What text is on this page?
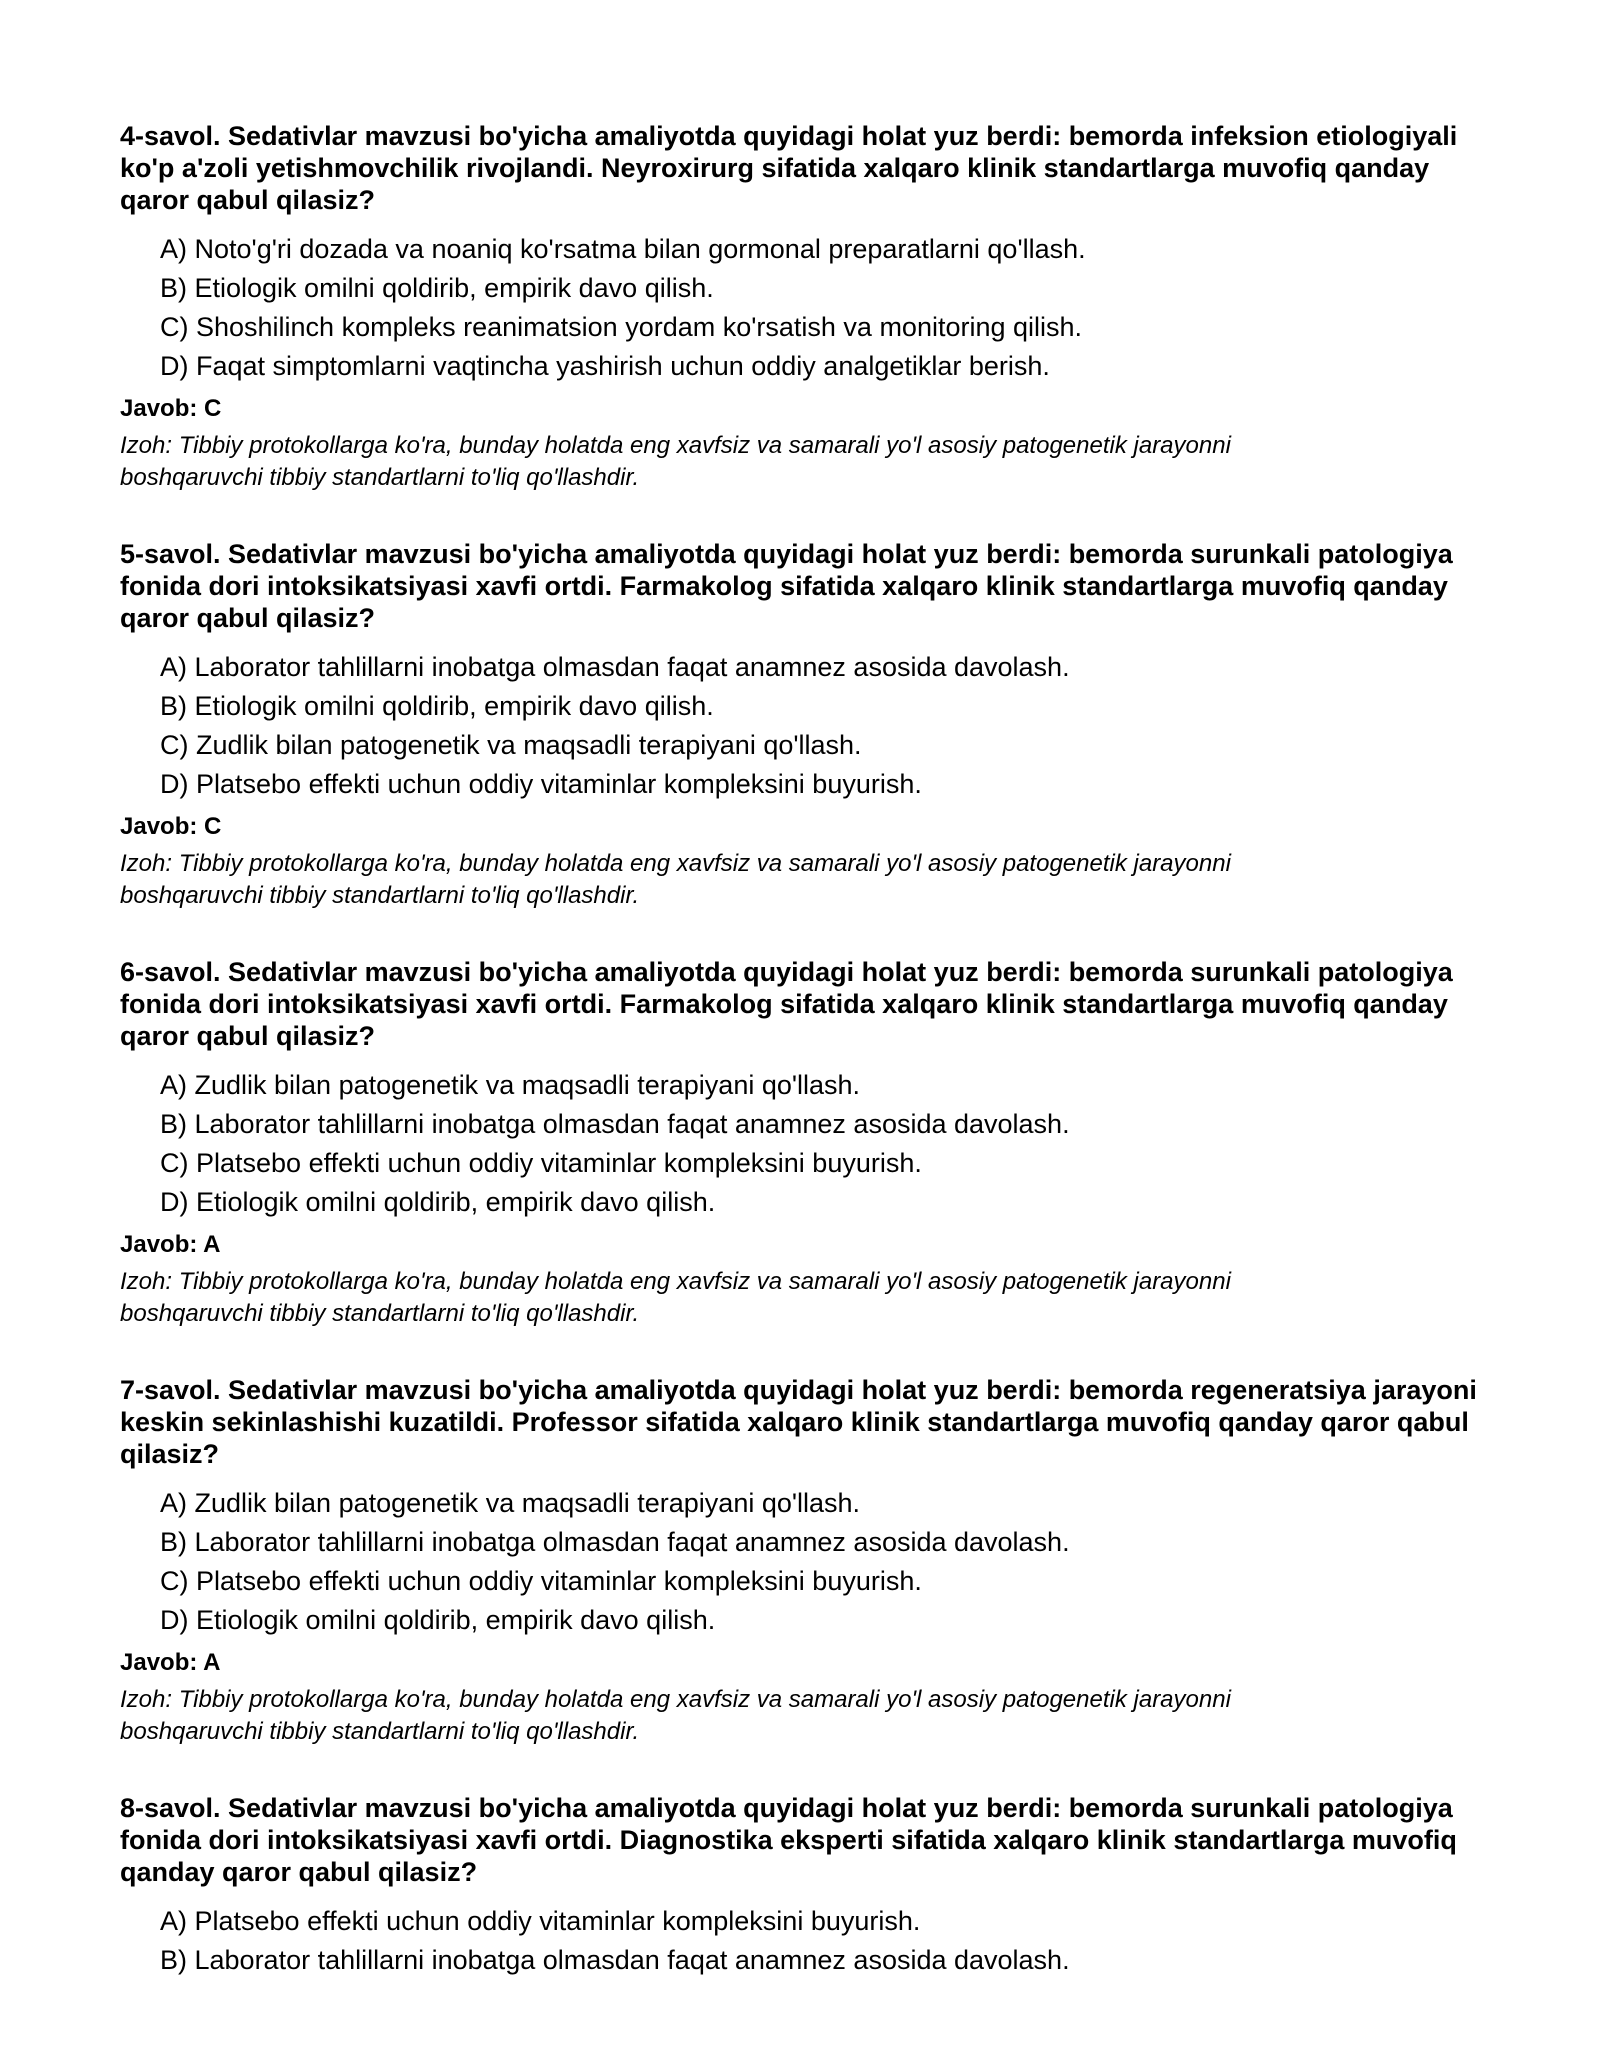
4-savol. Sedativlar mavzusi bo'yicha amaliyotda quyidagi holat yuz berdi: bemorda infeksion etiologiyali ko'p a'zoli yetishmovchilik rivojlandi. Neyroxirurg sifatida xalqaro klinik standartlarga muvofiq qanday qaror qabul qilasiz?

A) Noto'g'ri dozada va noaniq ko'rsatma bilan gormonal preparatlarni qo'llash.
B) Etiologik omilni qoldirib, empirik davo qilish.
C) Shoshilinch kompleks reanimatsion yordam ko'rsatish va monitoring qilish.
D) Faqat simptomlarni vaqtincha yashirish uchun oddiy analgetiklar berish.
Javob: C
Izoh: Tibbiy protokollarga ko'ra, bunday holatda eng xavfsiz va samarali yo'l asosiy patogenetik jarayonni boshqaruvchi tibbiy standartlarni to'liq qo'llashdir.

5-savol. Sedativlar mavzusi bo'yicha amaliyotda quyidagi holat yuz berdi: bemorda surunkali patologiya fonida dori intoksikatsiyasi xavfi ortdi. Farmakolog sifatida xalqaro klinik standartlarga muvofiq qanday qaror qabul qilasiz?

A) Laborator tahlillarni inobatga olmasdan faqat anamnez asosida davolash.
B) Etiologik omilni qoldirib, empirik davo qilish.
C) Zudlik bilan patogenetik va maqsadli terapiyani qo'llash.
D) Platsebo effekti uchun oddiy vitaminlar kompleksini buyurish.
Javob: C
Izoh: Tibbiy protokollarga ko'ra, bunday holatda eng xavfsiz va samarali yo'l asosiy patogenetik jarayonni boshqaruvchi tibbiy standartlarni to'liq qo'llashdir.

6-savol. Sedativlar mavzusi bo'yicha amaliyotda quyidagi holat yuz berdi: bemorda surunkali patologiya fonida dori intoksikatsiyasi xavfi ortdi. Farmakolog sifatida xalqaro klinik standartlarga muvofiq qanday qaror qabul qilasiz?

A) Zudlik bilan patogenetik va maqsadli terapiyani qo'llash.
B) Laborator tahlillarni inobatga olmasdan faqat anamnez asosida davolash.
C) Platsebo effekti uchun oddiy vitaminlar kompleksini buyurish.
D) Etiologik omilni qoldirib, empirik davo qilish.
Javob: A
Izoh: Tibbiy protokollarga ko'ra, bunday holatda eng xavfsiz va samarali yo'l asosiy patogenetik jarayonni boshqaruvchi tibbiy standartlarni to'liq qo'llashdir.

7-savol. Sedativlar mavzusi bo'yicha amaliyotda quyidagi holat yuz berdi: bemorda regeneratsiya jarayoni keskin sekinlashishi kuzatildi. Professor sifatida xalqaro klinik standartlarga muvofiq qanday qaror qabul qilasiz?

A) Zudlik bilan patogenetik va maqsadli terapiyani qo'llash.
B) Laborator tahlillarni inobatga olmasdan faqat anamnez asosida davolash.
C) Platsebo effekti uchun oddiy vitaminlar kompleksini buyurish.
D) Etiologik omilni qoldirib, empirik davo qilish.
Javob: A
Izoh: Tibbiy protokollarga ko'ra, bunday holatda eng xavfsiz va samarali yo'l asosiy patogenetik jarayonni boshqaruvchi tibbiy standartlarni to'liq qo'llashdir.

8-savol. Sedativlar mavzusi bo'yicha amaliyotda quyidagi holat yuz berdi: bemorda surunkali patologiya fonida dori intoksikatsiyasi xavfi ortdi. Diagnostika eksperti sifatida xalqaro klinik standartlarga muvofiq qanday qaror qabul qilasiz?

A) Platsebo effekti uchun oddiy vitaminlar kompleksini buyurish.
B) Laborator tahlillarni inobatga olmasdan faqat anamnez asosida davolash.
